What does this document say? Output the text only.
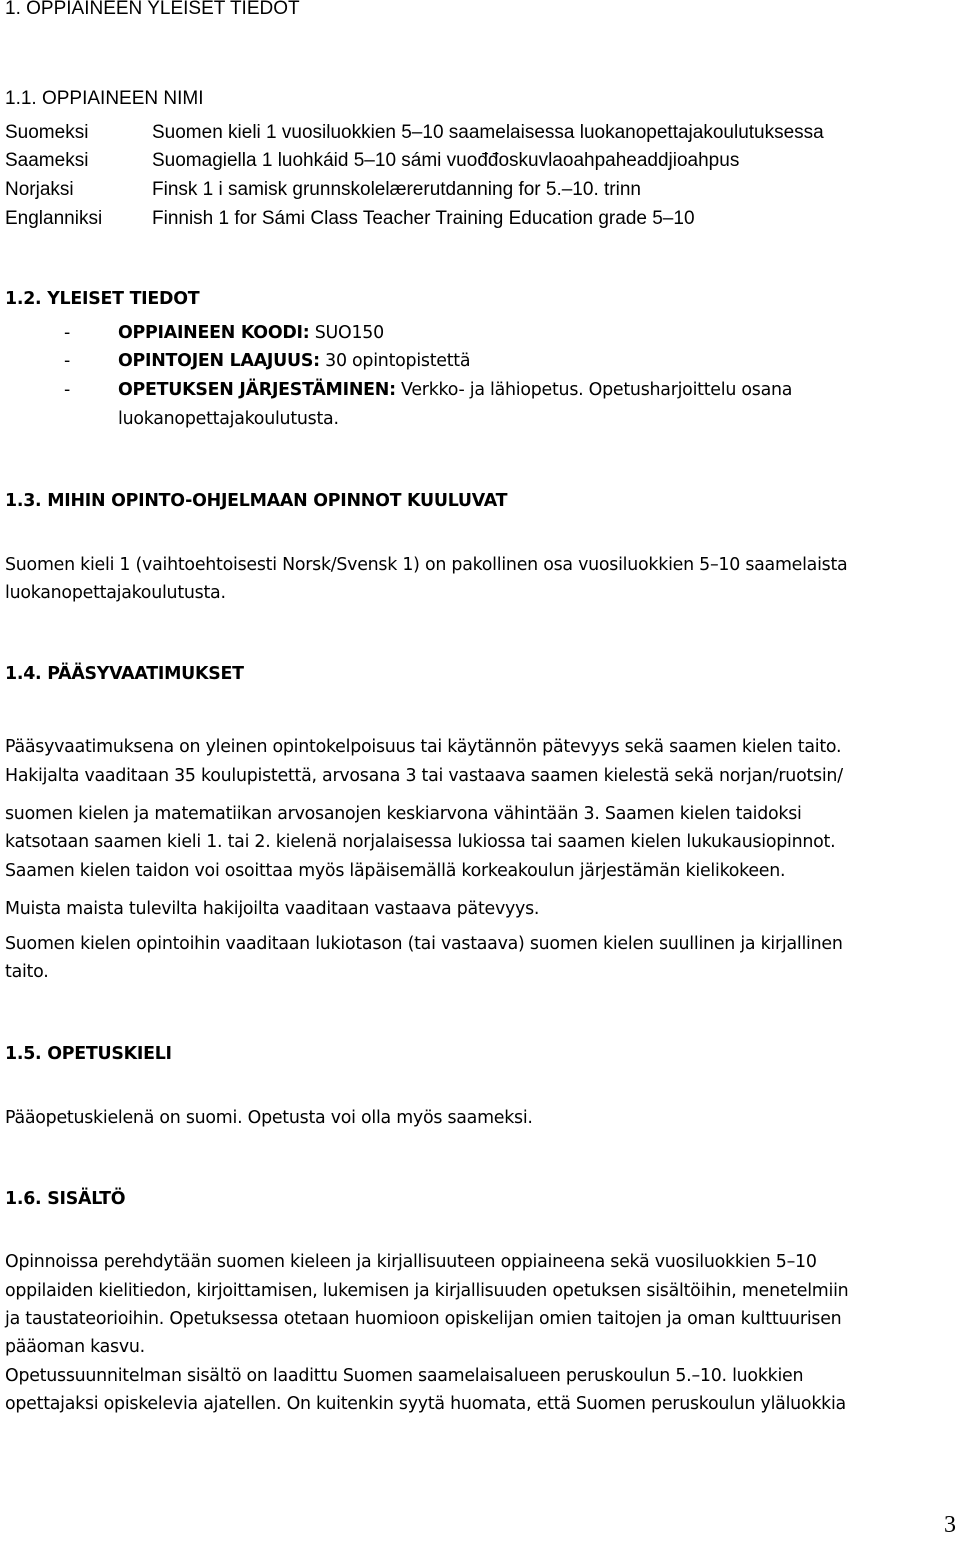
1. OPPIAINEEN YLEISET TIEDOT
1.1. OPPIAINEEN NIMI
Suomeksi	Suomen kieli 1 vuosiluokkien 5–10 saamelaisessa luokanopettajakoulutuksessa
Saameksi	Suomagiella 1 luohkáid 5–10 sámi vuođđoskuvlaoahpaheaddjioahpus
Norjaksi	Finsk 1 i samisk grunnskolelærerutdanning for 5.–10. trinn
Englanniksi	Finnish 1 for Sámi Class Teacher Training Education grade 5–10
1.2. YLEISET TIEDOT
-	OPPIAINEEN KOODI: SUO150
-	OPINTOJEN LAAJUUS: 30 opintopistettä
-	OPETUKSEN JÄRJESTÄMINEN: Verkko- ja lähiopetus. Opetusharjoittelu osana
luokanopettajakoulutusta.
1.3. MIHIN OPINTO-OHJELMAAN OPINNOT KUULUVAT
Suomen kieli 1 (vaihtoehtoisesti Norsk/Svensk 1) on pakollinen osa vuosiluokkien 5–10 saamelaista
luokanopettajakoulutusta.
1.4. PÄÄSYVAATIMUKSET
Pääsyvaatimuksena on yleinen opintokelpoisuus tai käytännön pätevyys sekä saamen kielen taito.
Hakijalta vaaditaan 35 koulupistettä, arvosana 3 tai vastaava saamen kielestä sekä norjan/ruotsin/
suomen kielen ja matematiikan arvosanojen keskiarvona vähintään 3. Saamen kielen taidoksi
katsotaan saamen kieli 1. tai 2. kielenä norjalaisessa lukiossa tai saamen kielen lukukausiopinnot.
Saamen kielen taidon voi osoittaa myös läpäisemällä korkeakoulun järjestämän kielikokeen.
Muista maista tulevilta hakijoilta vaaditaan vastaava pätevyys.
Suomen kielen opintoihin vaaditaan lukiotason (tai vastaava) suomen kielen suullinen ja kirjallinen
taito.
1.5. OPETUSKIELI
Pääopetuskielenä on suomi. Opetusta voi olla myös saameksi.
1.6. SISÄLTÖ
Opinnoissa perehdytään suomen kieleen ja kirjallisuuteen oppiaineena sekä vuosiluokkien 5–10
oppilaiden kielitiedon, kirjoittamisen, lukemisen ja kirjallisuuden opetuksen sisältöihin, menetelmiin
ja taustateorioihin. Opetuksessa otetaan huomioon opiskelijan omien taitojen ja oman kulttuurisen
pääoman kasvu.
Opetussuunnitelman sisältö on laadittu Suomen saamelaisalueen peruskoulun 5.–10. luokkien
opettajaksi opiskelevia ajatellen. On kuitenkin syytä huomata, että Suomen peruskoulun yläluokkia
3
